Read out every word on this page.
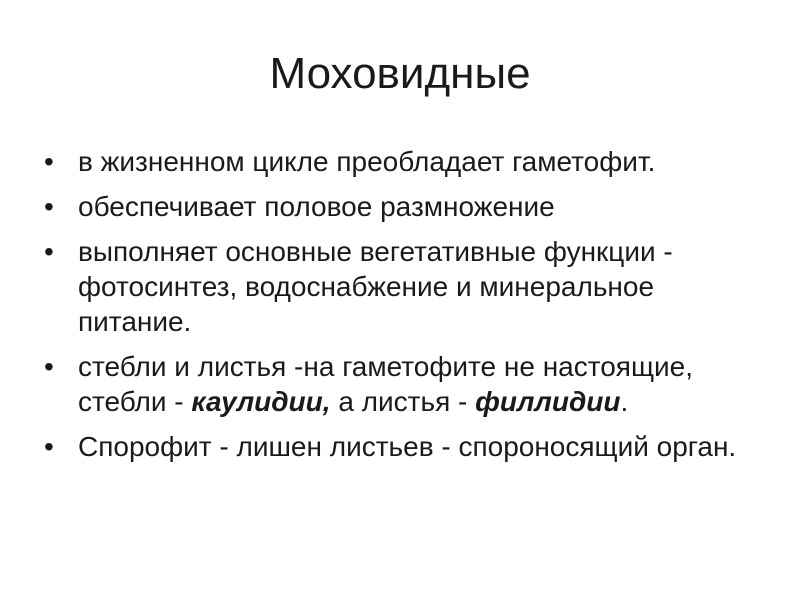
Моховидные
• в жизненном цикле преобладает гаметофит.
• обеспечивает половое размножение
• выполняет основные вегетативные функции - фотосинтез, водоснабжение и минеральное питание.
• стебли и листья -на гаметофите не настоящие, стебли - каулидии, а листья - филлидии.
• Спорофит - лишен листьев - спороносящий орган.
